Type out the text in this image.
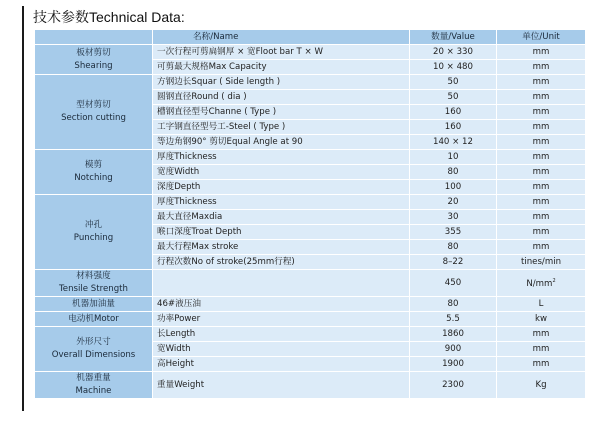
技术参数Technical Data:
	名称/Name	数量/Value	单位/Unit
板材剪切
Shearing	一次行程可剪扁钢厚 × 宽Floot bar T × W	20 × 330	mm
	可剪最大规格Max Capacity	10 × 480	mm
型材剪切
Section cutting	方钢边长Squar ( Side length )	50	mm
	圆钢直径Round ( dia )	50	mm
	槽钢直径型号Channe ( Type )	160	mm
	工字钢直径型号工-Steel ( Type )	160	mm
	等边角钢90° 剪切Equal Angle at 90	140 × 12	mm
模剪
Notching	厚度Thickness	10	mm
	宽度Width	80	mm
	深度Depth	100	mm
冲孔
Punching	厚度Thickness	20	mm
	最大直径Maxdia	30	mm
	喉口深度Troat Depth	355	mm
	最大行程Max stroke	80	mm
	行程次数No of stroke(25mm行程)	8–22	tines/min
材料强度
Tensile Strength		450	$N/mm^2$
机器加油量	46#液压油	80	L
电动机Motor	功率Power	5.5	kw
外形尺寸
Overall Dimensions	长Length	1860	mm
	宽Width	900	mm
	高Height	1900	mm
机器重量
Machine	重量Weight	2300	Kg
